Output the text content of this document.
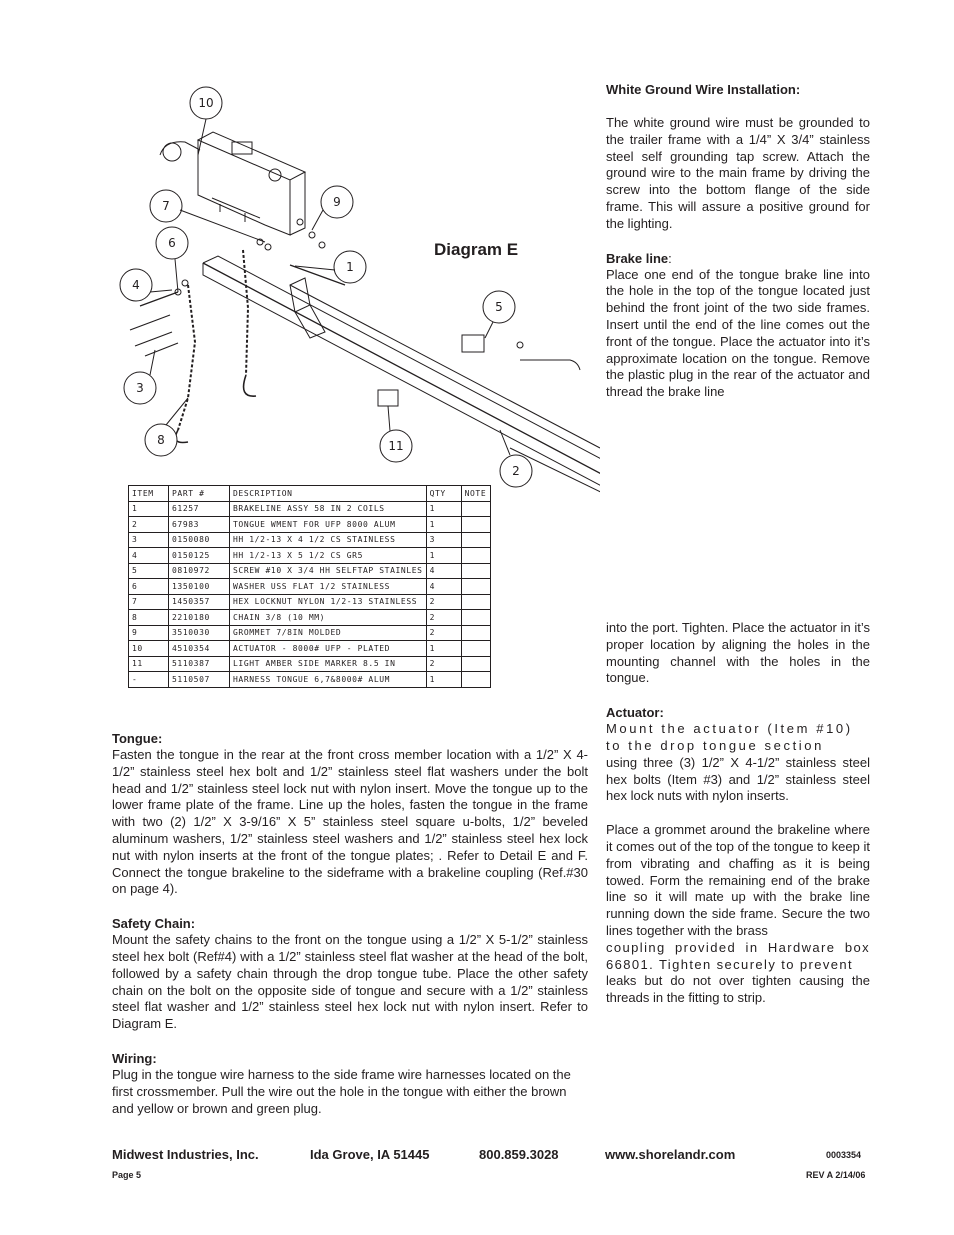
10
7	9
6
1
4
5
3
8	11
2
Diagram E
ITEM	PART #	DESCRIPTION	QTY	NOTE
1	61257	BRAKELINE ASSY 58 IN 2 COILS	1	
2	67983	TONGUE WMENT FOR UFP 8000 ALUM	1	
3	0150080	HH 1/2-13 X 4 1/2 CS STAINLESS	3	
4	0150125	HH 1/2-13 X 5 1/2 CS GR5	1	
5	0810972	SCREW #10 X 3/4 HH SELFTAP STAINLES	4	
6	1350100	WASHER USS FLAT 1/2 STAINLESS	4	
7	1450357	HEX LOCKNUT NYLON 1/2-13 STAINLESS	2	
8	2210180	CHAIN 3/8 (10 MM)	2	
9	3510030	GROMMET 7/8IN MOLDED	2	
10	4510354	ACTUATOR - 8000# UFP - PLATED	1	
11	5110387	LIGHT AMBER SIDE MARKER 8.5 IN	2	
-	5110507	HARNESS TONGUE 6,7&8000# ALUM	1	

White Ground Wire Installation:

The white ground wire must be grounded to the trailer frame with a 1/4” X 3/4” stainless steel self grounding tap screw. Attach the ground wire to the main frame by driving the screw into the bottom flange of the side frame. This will assure a positive ground for the lighting.

Brake line:

Place one end of the tongue brake line into the hole in the top of the tongue located just behind the front joint of the two side frames. Insert until the end of the line comes out the front of the tongue. Place the actuator into it’s approximate location on the tongue. Remove the plastic plug in the rear of the actuator and thread the brake line

into the port. Tighten. Place the actuator in it’s proper location by aligning the holes in the mounting channel with the holes in the tongue.

Actuator:

Mount the actuator (Item #10) to the drop tongue section

using three (3) 1/2” X 4-1/2” stainless steel hex bolts (Item #3) and 1/2” stainless steel hex lock nuts with nylon inserts.

Place a grommet around the brakeline where it comes out of the top of the tongue to keep it from vibrating and chaffing as it is being towed. Form the remaining end of the brake line so it will mate up with the brake line running down the side frame. Secure the two lines together with the brass

coupling provided in Hardware box 66801. Tighten securely to prevent

leaks but do not over tighten causing the threads in the fitting to strip.

Tongue:

Fasten the tongue in the rear at the front cross member location with a 1/2” X 4-1/2” stainless steel hex bolt and 1/2” stainless steel flat washers under the bolt head and 1/2” stainless steel lock nut with nylon insert. Move the tongue up to the lower frame plate of the frame. Line up the holes, fasten the tongue in the frame with two (2) 1/2” X 3-9/16” X 5” stainless steel square u-bolts, 1/2” beveled aluminum washers, 1/2” stainless steel washers and 1/2” stainless steel hex lock nut with nylon inserts at the front of the tongue plates; . Refer to Detail E and F. Connect the tongue brakeline to the sideframe with a brakeline coupling (Ref.#30 on page 4).

Safety Chain:

Mount the safety chains to the front on the tongue using a 1/2” X 5-1/2” stainless steel hex bolt (Ref#4) with a 1/2” stainless steel flat washer at the head of the bolt, followed by a safety chain through the drop tongue tube. Place the other safety chain on the bolt on the opposite side of tongue and secure with a 1/2” stainless steel flat washer and 1/2” stainless steel hex lock nut with nylon insert. Refer to Diagram E.

Wiring:

Plug in the tongue wire harness to the side frame wire harnesses located on the first crossmember. Pull the wire out the hole in the tongue with either the brown and yellow or brown and green plug.

Midwest Industries, Inc.	Ida Grove, IA 51445	800.859.3028	www.shorelandr.com	0003354
Page 5	REV A 2/14/06
